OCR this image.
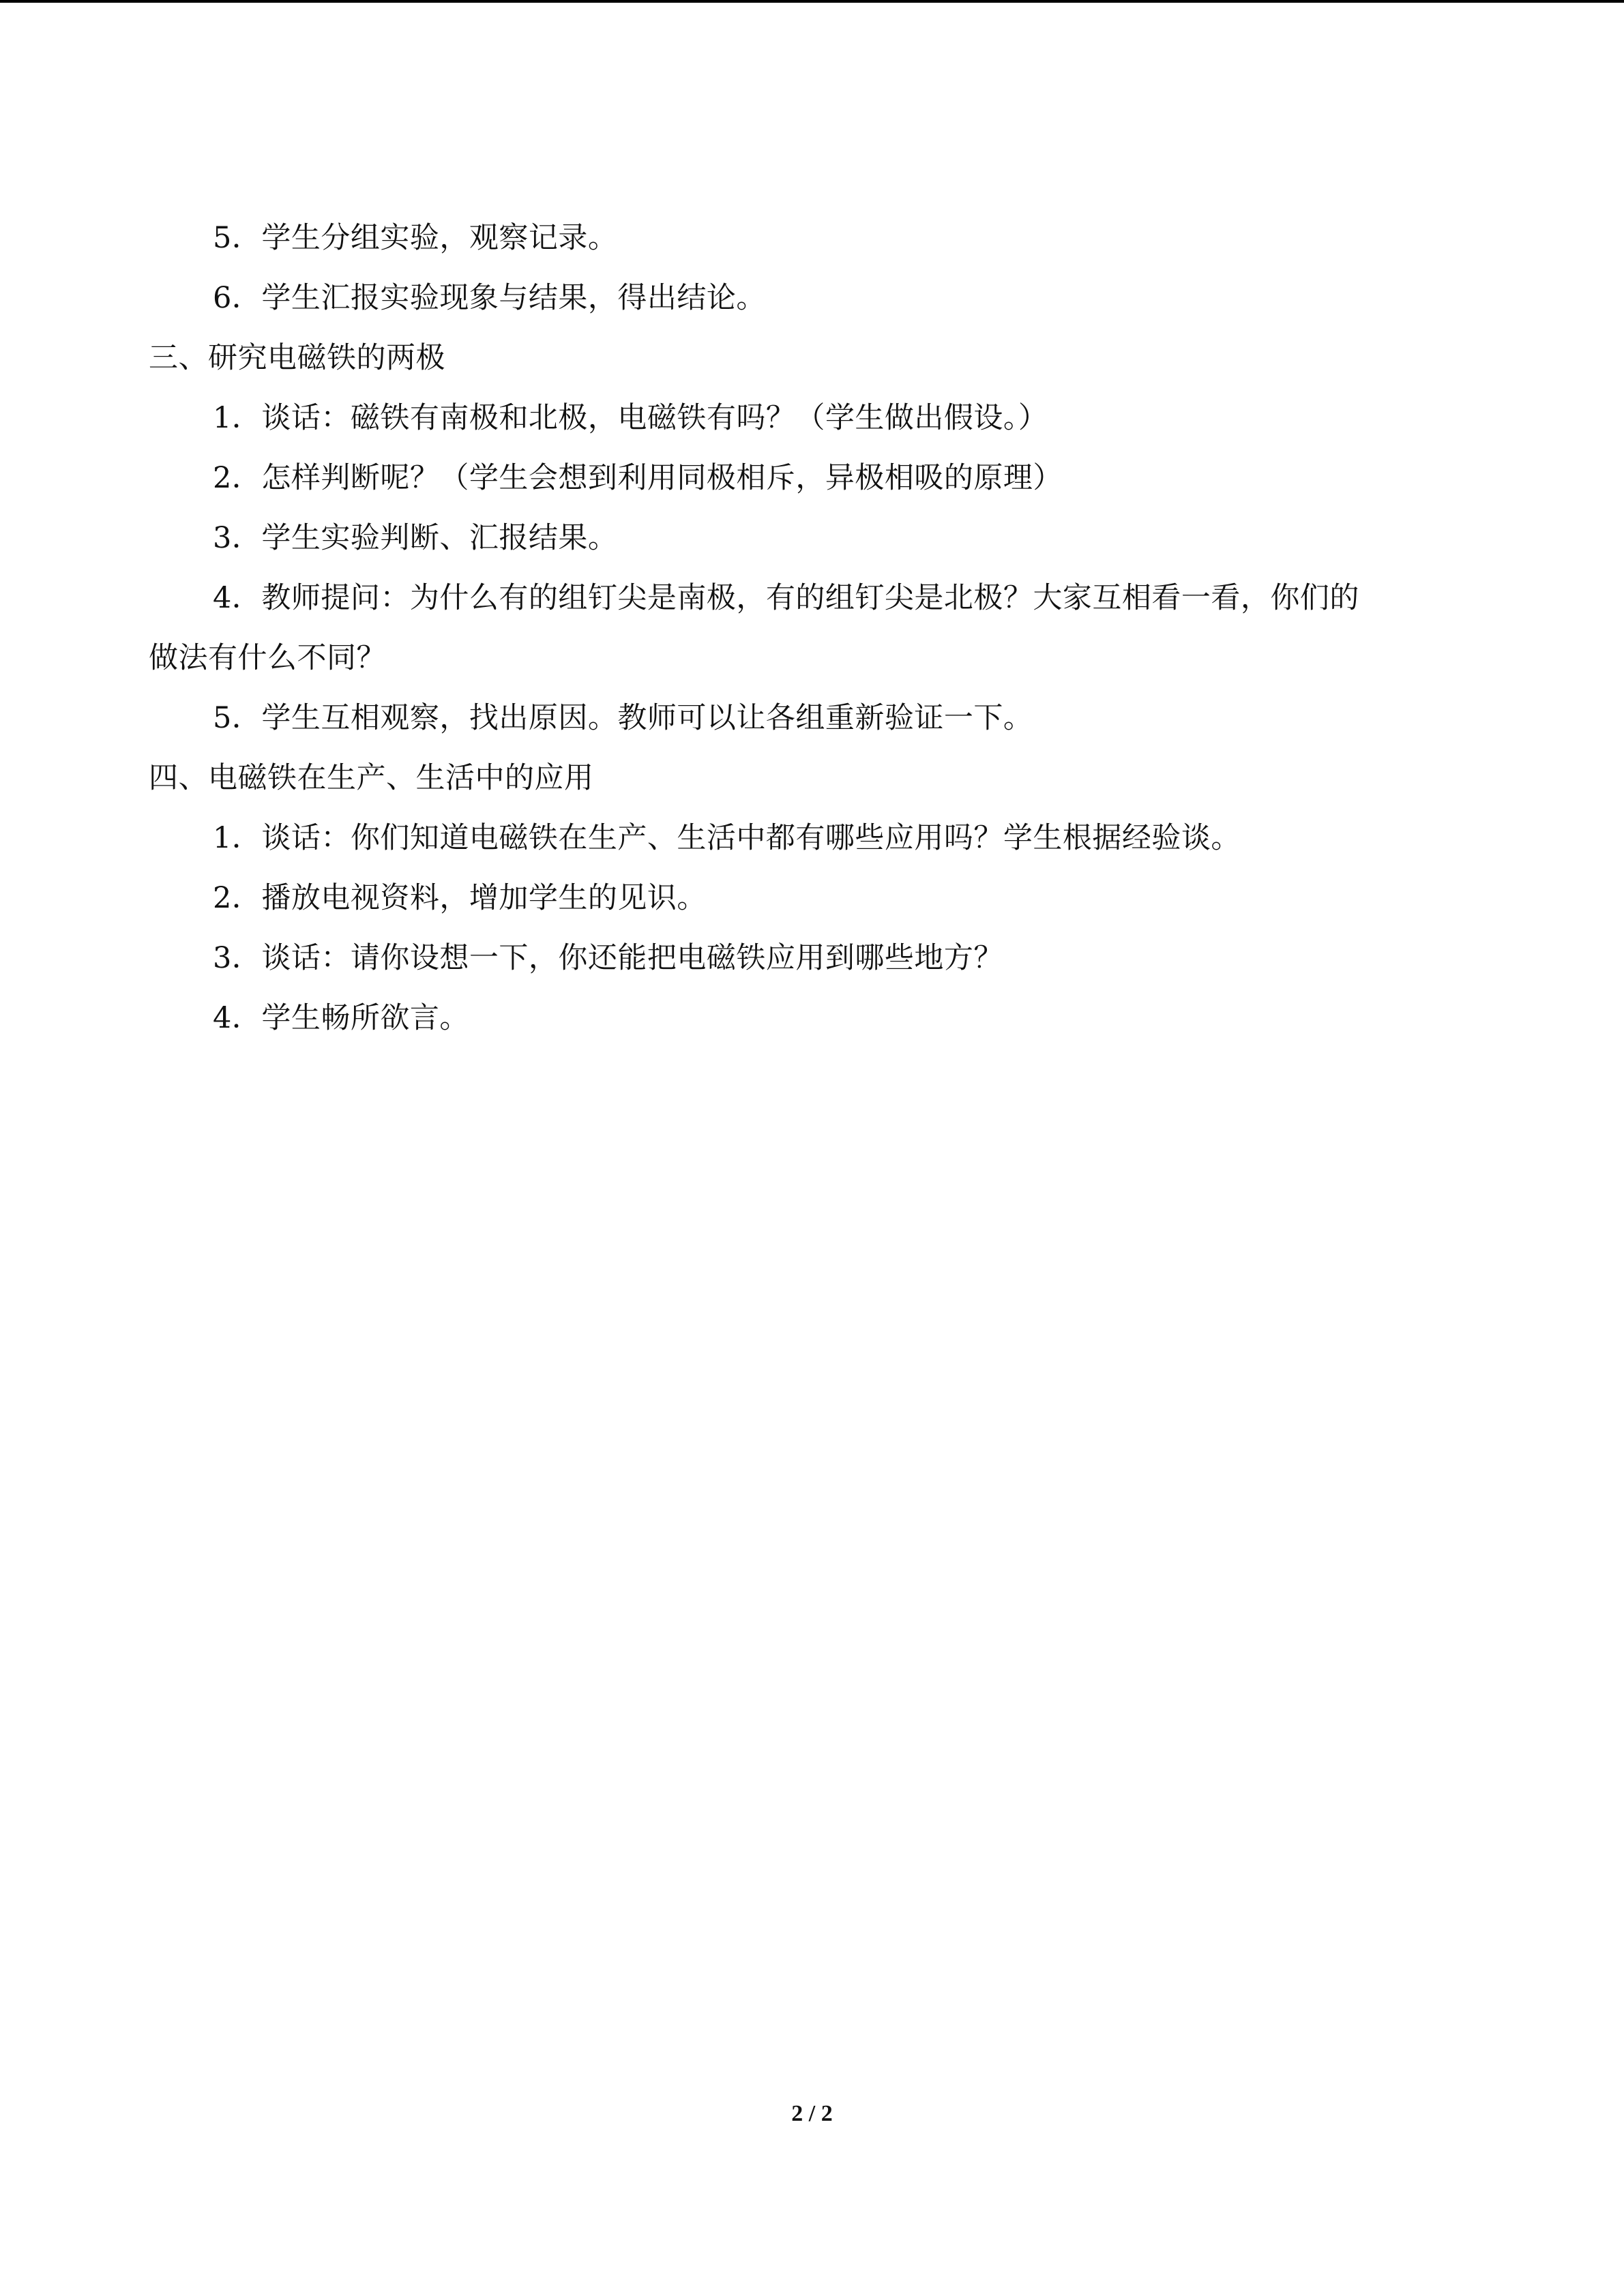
5．学生分组实验，观察记录。
6．学生汇报实验现象与结果，得出结论。
三、研究电磁铁的两极
1．谈话：磁铁有南极和北极，电磁铁有吗？（学生做出假设。）
2．怎样判断呢？（学生会想到利用同极相斥，异极相吸的原理）
3．学生实验判断、汇报结果。
4．教师提问：为什么有的组钉尖是南极，有的组钉尖是北极？大家互相看一看，你们的
做法有什么不同？
5．学生互相观察，找出原因。教师可以让各组重新验证一下。
四、电磁铁在生产、生活中的应用
1．谈话：你们知道电磁铁在生产、生活中都有哪些应用吗？学生根据经验谈。
2．播放电视资料，增加学生的见识。
3．谈话：请你设想一下，你还能把电磁铁应用到哪些地方？
4．学生畅所欲言。
2 / 2
